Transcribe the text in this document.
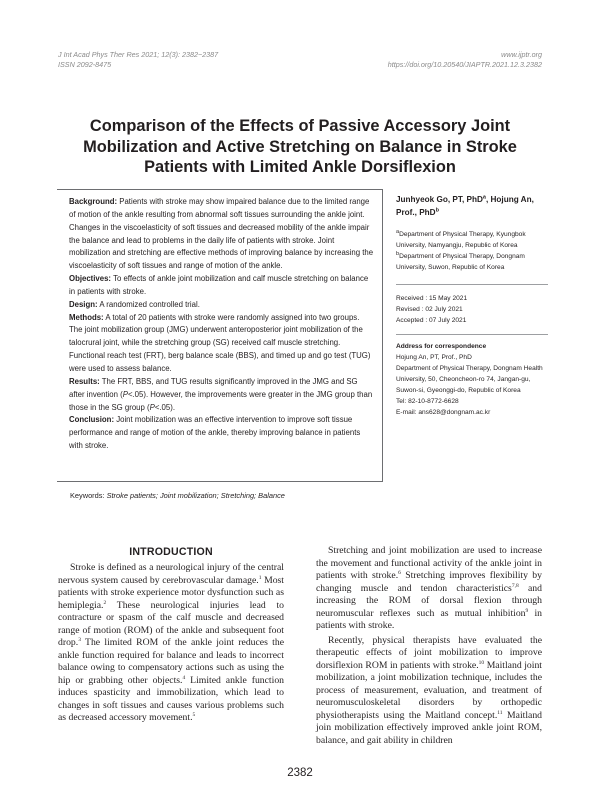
J Int Acad Phys Ther Res 2021; 12(3): 2382~2387
ISSN 2092-8475
www.ijptr.org
https://doi.org/10.20540/JIAPTR.2021.12.3.2382
Comparison of the Effects of Passive Accessory Joint Mobilization and Active Stretching on Balance in Stroke Patients with Limited Ankle Dorsiflexion

Background: Patients with stroke may show impaired balance due to the limited range of motion of the ankle resulting from abnormal soft tissues surrounding the ankle joint. Changes in the viscoelasticity of soft tissues and decreased mobility of the ankle impair the balance and lead to problems in the daily life of patients with stroke. Joint mobilization and stretching are effective methods of improving balance by increasing the viscoelasticity of soft tissues and range of motion of the ankle.

Objectives: To effects of ankle joint mobilization and calf muscle stretching on balance in patients with stroke.

Design: A randomized controlled trial.

Methods: A total of 20 patients with stroke were randomly assigned into two groups. The joint mobilization group (JMG) underwent anteroposterior joint mobilization of the talocrural joint, while the stretching group (SG) received calf muscle stretching. Functional reach test (FRT), berg balance scale (BBS), and timed up and go test (TUG) were used to assess balance.

Results: The FRT, BBS, and TUG results significantly improved in the JMG and SG after invention (P<.05). However, the improvements were greater in the JMG group than those in the SG group (P<.05).

Conclusion: Joint mobilization was an effective intervention to improve soft tissue performance and range of motion of the ankle, thereby improving balance in patients with stroke.

Junhyeok Go, PT, PhD$^a$, Hojung An, Prof., PhD$^b$
$^a$Department of Physical Therapy, Kyungbok University, Namyangju, Republic of Korea
$^b$Department of Physical Therapy, Dongnam University, Suwon, Republic of Korea
Received : 15 May 2021
Revised : 02 July 2021
Accepted : 07 July 2021
Address for correspondence
Hojung An, PT, Prof., PhD
Department of Physical Therapy, Dongnam Health University, 50, Cheoncheon-ro 74, Jangan-gu, Suwon-si, Gyeonggi-do, Republic of Korea
Tel: 82-10-8772-6628
E-mail: ans628@dongnam.ac.kr
Keywords: Stroke patients; Joint mobilization; Stretching; Balance
INTRODUCTION

Stroke is defined as a neurological injury of the central nervous system caused by cerebrovascular damage.$^1$ Most patients with stroke experience motor dysfunction such as hemiplegia.$^2$ These neurological injuries lead to contracture or spasm of the calf muscle and decreased range of motion (ROM) of the ankle and subsequent foot drop.$^3$ The limited ROM of the ankle joint reduces the ankle function required for balance and leads to incorrect balance owing to compensatory actions such as using the hip or grabbing other objects.$^4$ Limited ankle function induces spasticity and immobilization, which lead to changes in soft tissues and causes various problems such as decreased accessory movement.$^5$

Stretching and joint mobilization are used to increase the movement and functional activity of the ankle joint in patients with stroke.$^6$ Stretching improves flexibility by changing muscle and tendon characteristics$^{7,8}$ and increasing the ROM of dorsal flexion through neuromuscular reflexes such as mutual inhibition$^9$ in patients with stroke.

Recently, physical therapists have evaluated the therapeutic effects of joint mobilization to improve dorsiflexion ROM in patients with stroke.$^{10}$ Maitland joint mobilization, a joint mobilization technique, includes the process of measurement, evaluation, and treatment of neuromusculoskeletal disorders by orthopedic physiotherapists using the Maitland concept.$^{11}$ Maitland join mobilization effectively improved ankle joint ROM, balance, and gait ability in children

2382
